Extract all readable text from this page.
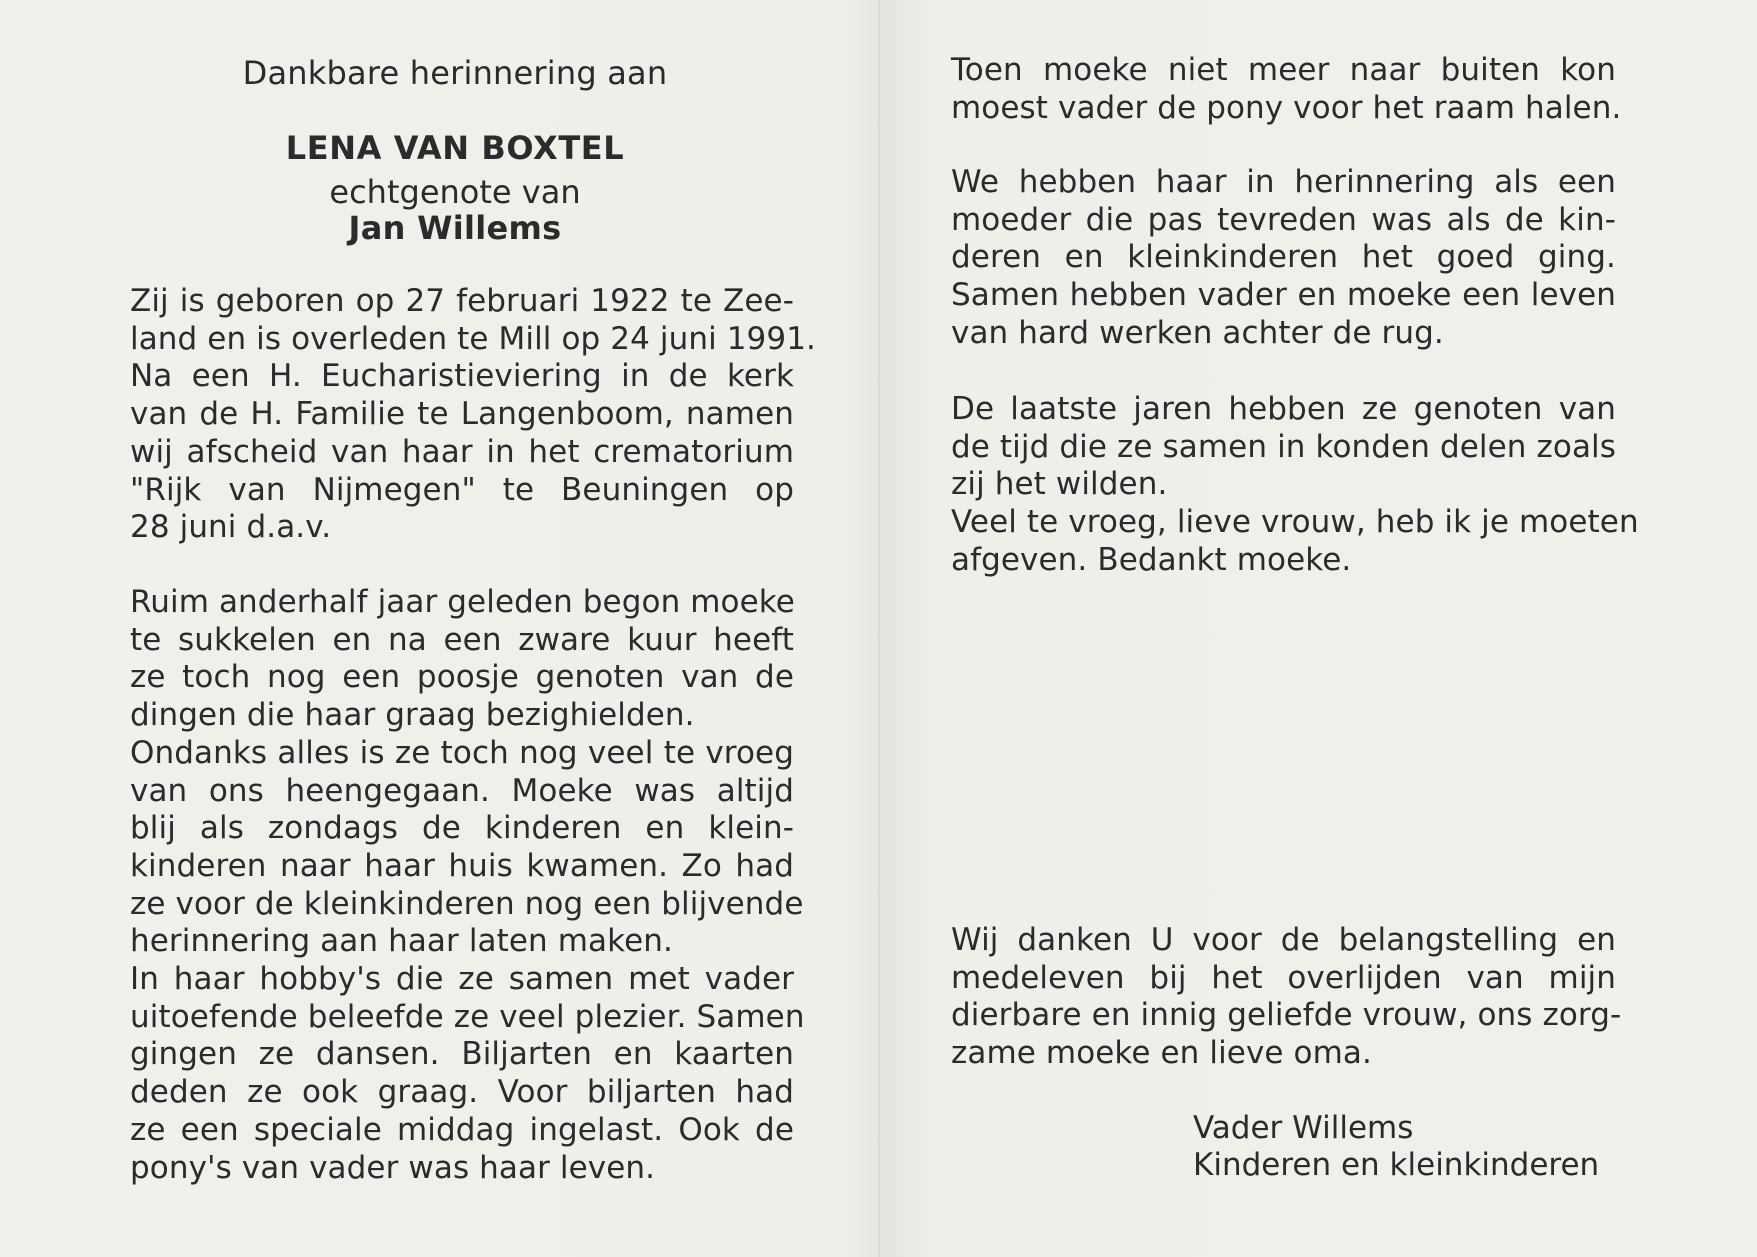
Dankbare herinnering aan
LENA VAN BOXTEL
echtgenote van
Jan Willems
Zij is geboren op 27 februari 1922 te Zee-
land en is overleden te Mill op 24 juni 1991.
Na een H. Eucharistieviering in de kerk
van de H. Familie te Langenboom, namen
wij afscheid van haar in het crematorium
"Rijk van Nijmegen" te Beuningen op
28 juni d.a.v.
Ruim anderhalf jaar geleden begon moeke
te sukkelen en na een zware kuur heeft
ze toch nog een poosje genoten van de
dingen die haar graag bezighielden.
Ondanks alles is ze toch nog veel te vroeg
van ons heengegaan. Moeke was altijd
blij als zondags de kinderen en klein-
kinderen naar haar huis kwamen. Zo had
ze voor de kleinkinderen nog een blijvende
herinnering aan haar laten maken.
In haar hobby's die ze samen met vader
uitoefende beleefde ze veel plezier. Samen
gingen ze dansen. Biljarten en kaarten
deden ze ook graag. Voor biljarten had
ze een speciale middag ingelast. Ook de
pony's van vader was haar leven.
Toen moeke niet meer naar buiten kon
moest vader de pony voor het raam halen.
We hebben haar in herinnering als een
moeder die pas tevreden was als de kin-
deren en kleinkinderen het goed ging.
Samen hebben vader en moeke een leven
van hard werken achter de rug.
De laatste jaren hebben ze genoten van
de tijd die ze samen in konden delen zoals
zij het wilden.
Veel te vroeg, lieve vrouw, heb ik je moeten
afgeven. Bedankt moeke.
Wij danken U voor de belangstelling en
medeleven bij het overlijden van mijn
dierbare en innig geliefde vrouw, ons zorg-
zame moeke en lieve oma.
Vader Willems
Kinderen en kleinkinderen
